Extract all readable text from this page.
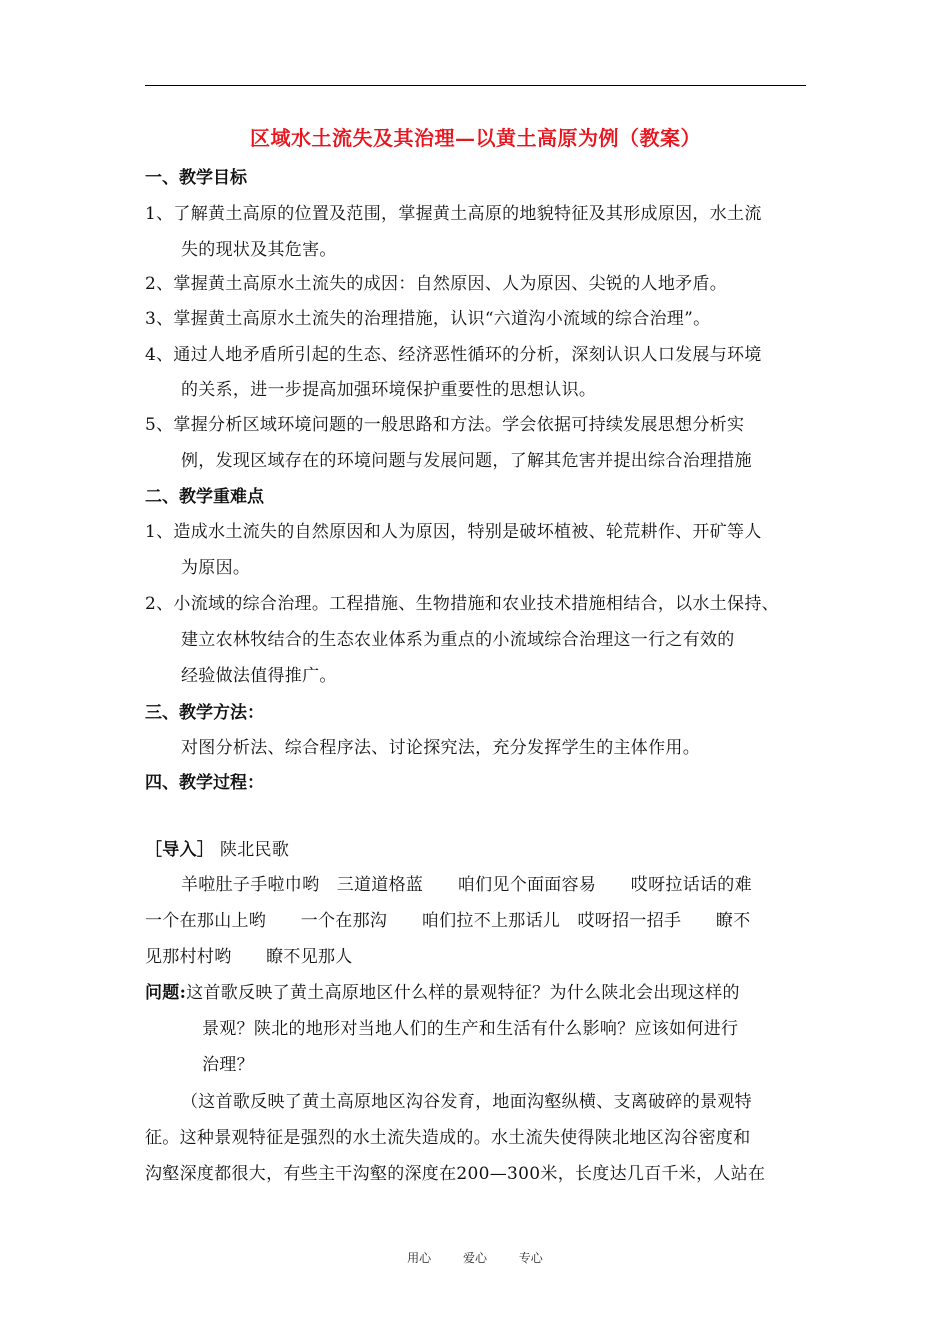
区域水土流失及其治理—以黄土高原为例（教案）
一、教学目标
1、了解黄土高原的位置及范围，掌握黄土高原的地貌特征及其形成原因，水土流
失的现状及其危害。
2、掌握黄土高原水土流失的成因：自然原因、人为原因、尖锐的人地矛盾。
3、掌握黄土高原水土流失的治理措施，认识“六道沟小流域的综合治理”。
4、通过人地矛盾所引起的生态、经济恶性循环的分析，深刻认识人口发展与环境
的关系，进一步提高加强环境保护重要性的思想认识。
5、掌握分析区域环境问题的一般思路和方法。学会依据可持续发展思想分析实
例，发现区域存在的环境问题与发展问题，了解其危害并提出综合治理措施
二、教学重难点
1、造成水土流失的自然原因和人为原因，特别是破坏植被、轮荒耕作、开矿等人
为原因。
2、小流域的综合治理。工程措施、生物措施和农业技术措施相结合，以水土保持、
建立农林牧结合的生态农业体系为重点的小流域综合治理这一行之有效的
经验做法值得推广。
三、教学方法：
对图分析法、综合程序法、讨论探究法，充分发挥学生的主体作用。
四、教学过程：
［导入］ 陕北民歌
羊啦肚子手啦巾哟　三道道格蓝　　咱们见个面面容易　　哎呀拉话话的难
一个在那山上哟　　一个在那沟　　咱们拉不上那话儿　哎呀招一招手　　瞭不
见那村村哟　　瞭不见那人
问题:这首歌反映了黄土高原地区什么样的景观特征？为什么陕北会出现这样的
景观？陕北的地形对当地人们的生产和生活有什么影响？应该如何进行
治理？
（这首歌反映了黄土高原地区沟谷发育，地面沟壑纵横、支离破碎的景观特
征。这种景观特征是强烈的水土流失造成的。水土流失使得陕北地区沟谷密度和
沟壑深度都很大，有些主干沟壑的深度在200—300米，长度达几百千米，人站在
用心 爱心 专心
